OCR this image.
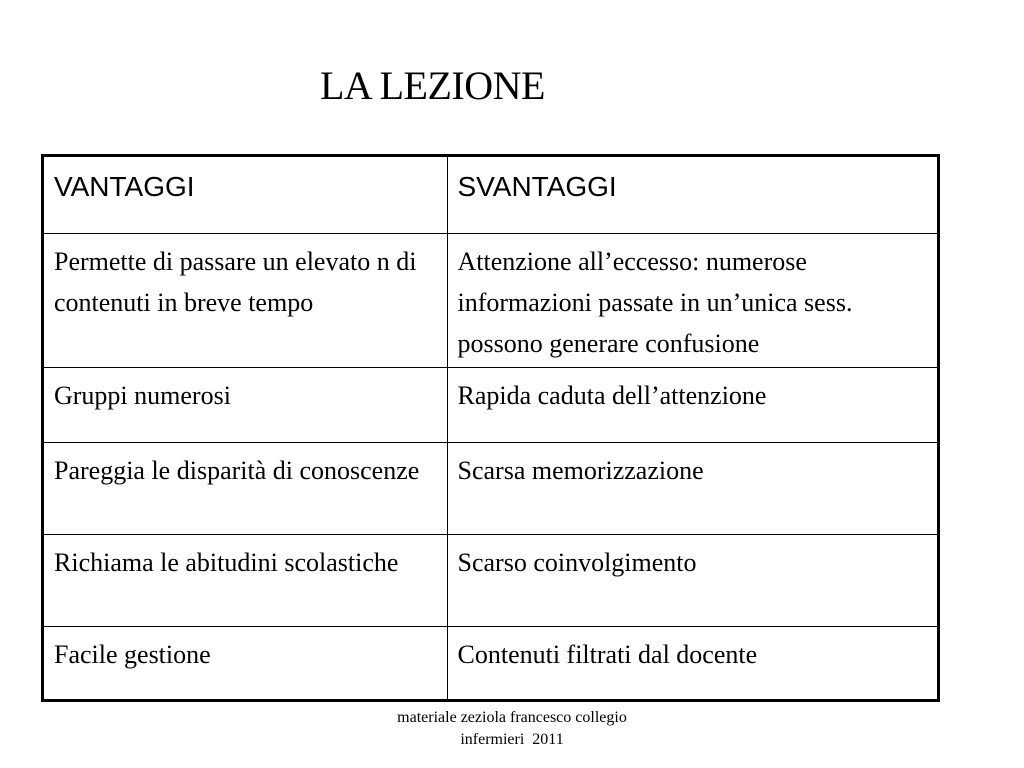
LA LEZIONE
VANTAGGI	SVANTAGGI
Permette di passare un elevato n di contenuti in breve tempo	Attenzione all’eccesso: numerose informazioni passate in un’unica sess. possono generare confusione
Gruppi numerosi	Rapida caduta dell’attenzione
Pareggia le disparità di conoscenze	Scarsa memorizzazione
Richiama le abitudini scolastiche	Scarso coinvolgimento
Facile gestione	Contenuti filtrati dal docente
materiale zeziola francesco collegio
infermieri  2011
